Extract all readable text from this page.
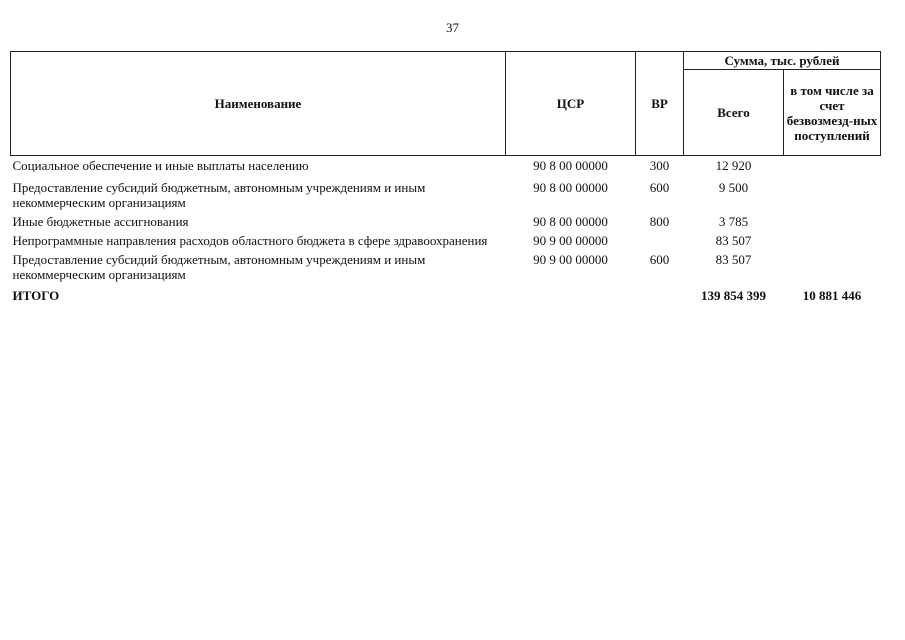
37
Наименование	ЦСР	ВР	Сумма, тыс. рублей	
			Всего	в том числе за счет безвозмезд-ных поступлений
Социальное обеспечение и иные выплаты населению	90 8 00 00000	300	12 920	
Предоставление субсидий бюджетным, автономным учреждениям и иным некоммерческим организациям	90 8 00 00000	600	9 500	
Иные бюджетные ассигнования	90 8 00 00000	800	3 785	
Непрограммные направления расходов областного бюджета в сфере здравоохранения	90 9 00 00000		83 507	
Предоставление субсидий бюджетным, автономным учреждениям и иным некоммерческим организациям	90 9 00 00000	600	83 507	
ИТОГО			139 854 399	10 881 446
